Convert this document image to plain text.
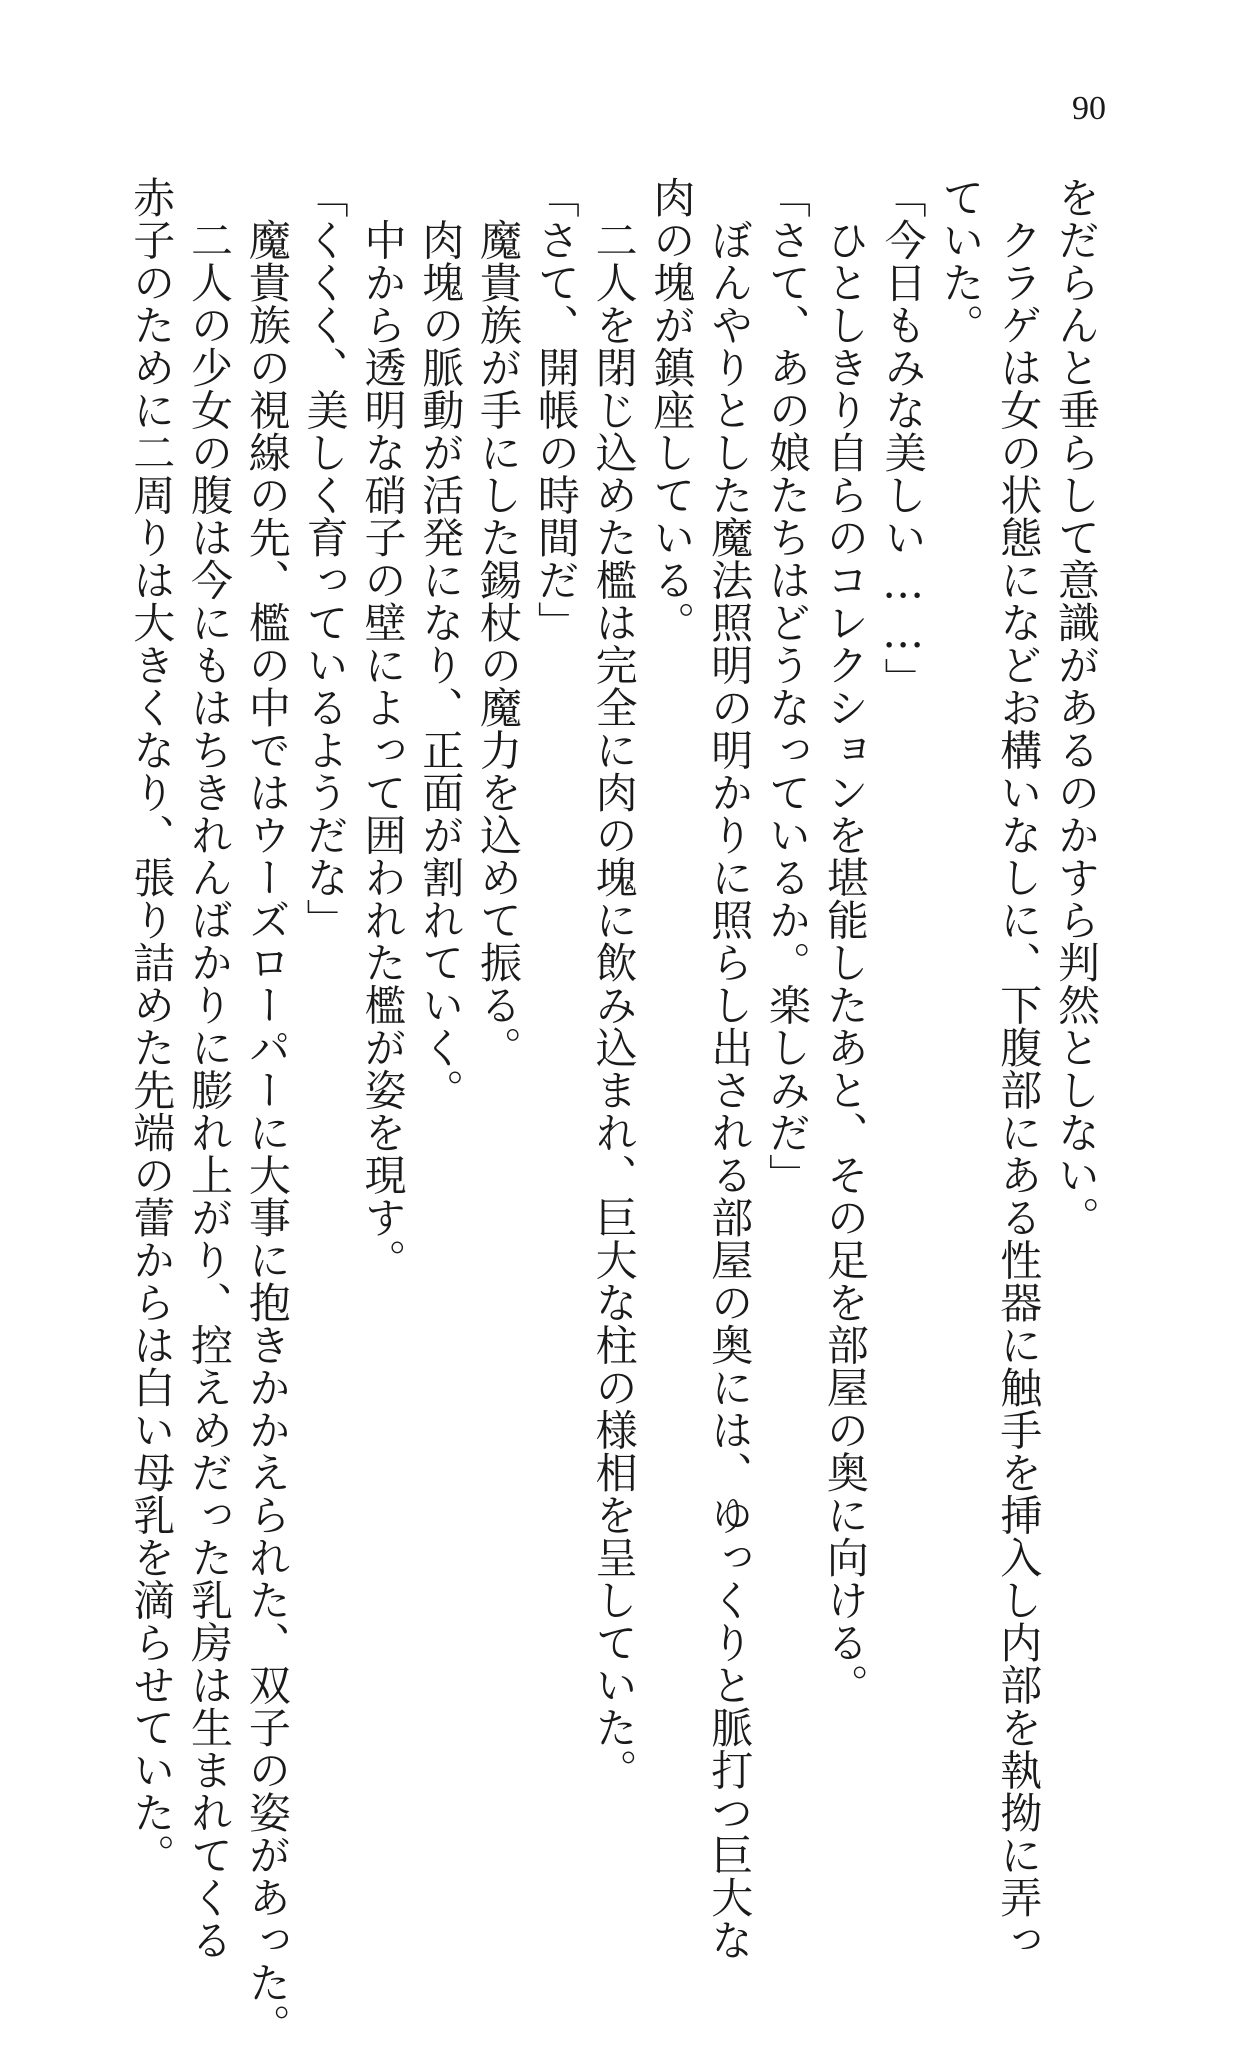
90
をだらんと垂らして意識があるのかすら判然としない。
　クラゲは女の状態になどお構いなしに、下腹部にある性器に触手を挿入し内部を執拗に弄っ
ていた。
「今日もみな美しい……」
　ひとしきり自らのコレクションを堪能したあと、その足を部屋の奥に向ける。
「さて、あの娘たちはどうなっているか。楽しみだ」
　ぼんやりとした魔法照明の明かりに照らし出される部屋の奥には、ゆっくりと脈打つ巨大な
肉の塊が鎮座している。
　二人を閉じ込めた檻は完全に肉の塊に飲み込まれ、巨大な柱の様相を呈していた。
「さて、開帳の時間だ」
　魔貴族が手にした錫杖の魔力を込めて振る。
　肉塊の脈動が活発になり、正面が割れていく。
　中から透明な硝子の壁によって囲われた檻が姿を現す。
「くくく、美しく育っているようだな」
　魔貴族の視線の先、檻の中ではウーズローパーに大事に抱きかかえられた、双子の姿があった。
　二人の少女の腹は今にもはちきれんばかりに膨れ上がり、控えめだった乳房は生まれてくる
赤子のために二周りは大きくなり、張り詰めた先端の蕾からは白い母乳を滴らせていた。
